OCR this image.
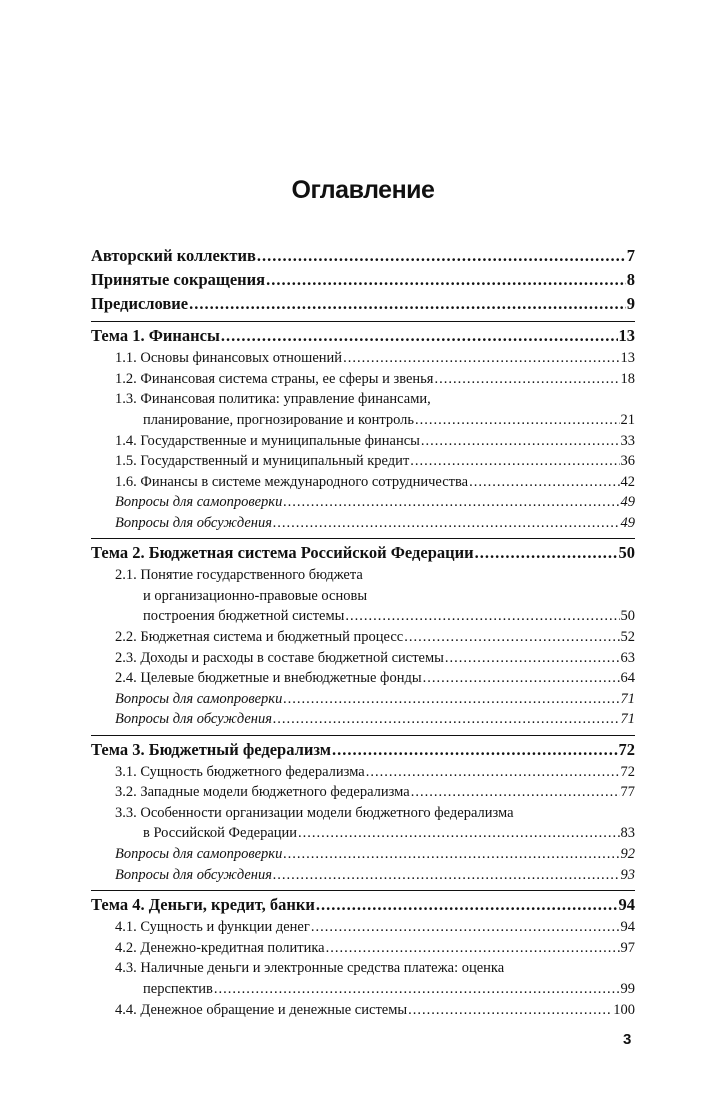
Оглавление
Авторский коллектив .....	7
Принятые сокращения .....	8
Предисловие .....	9
Тема 1. Финансы .....	13
1.1. Основы финансовых отношений .....	13
1.2. Финансовая система страны, ее сферы и звенья .....	18
1.3. Финансовая политика: управление финансами,
планирование, прогнозирование и контроль .....	21
1.4. Государственные и муниципальные финансы .....	33
1.5. Государственный и муниципальный кредит .....	36
1.6. Финансы в системе международного сотрудничества .....	42
Вопросы для самопроверки .....	49
Вопросы для обсуждения .....	49
Тема 2. Бюджетная система Российской Федерации .....	50
2.1. Понятие государственного бюджета
и организационно-правовые основы
построения бюджетной системы .....	50
2.2. Бюджетная система и бюджетный процесс .....	52
2.3. Доходы и расходы в составе бюджетной системы .....	63
2.4. Целевые бюджетные и внебюджетные фонды .....	64
Вопросы для самопроверки .....	71
Вопросы для обсуждения .....	71
Тема 3. Бюджетный федерализм .....	72
3.1. Сущность бюджетного федерализма .....	72
3.2. Западные модели бюджетного федерализма .....	77
3.3. Особенности организации модели бюджетного федерализма
в Российской Федерации .....	83
Вопросы для самопроверки .....	92
Вопросы для обсуждения .....	93
Тема 4. Деньги, кредит, банки .....	94
4.1. Сущность и функции денег .....	94
4.2. Денежно-кредитная политика .....	97
4.3. Наличные деньги и электронные средства платежа: оценка
перспектив .....	99
4.4. Денежное обращение и денежные системы .....	100
3
